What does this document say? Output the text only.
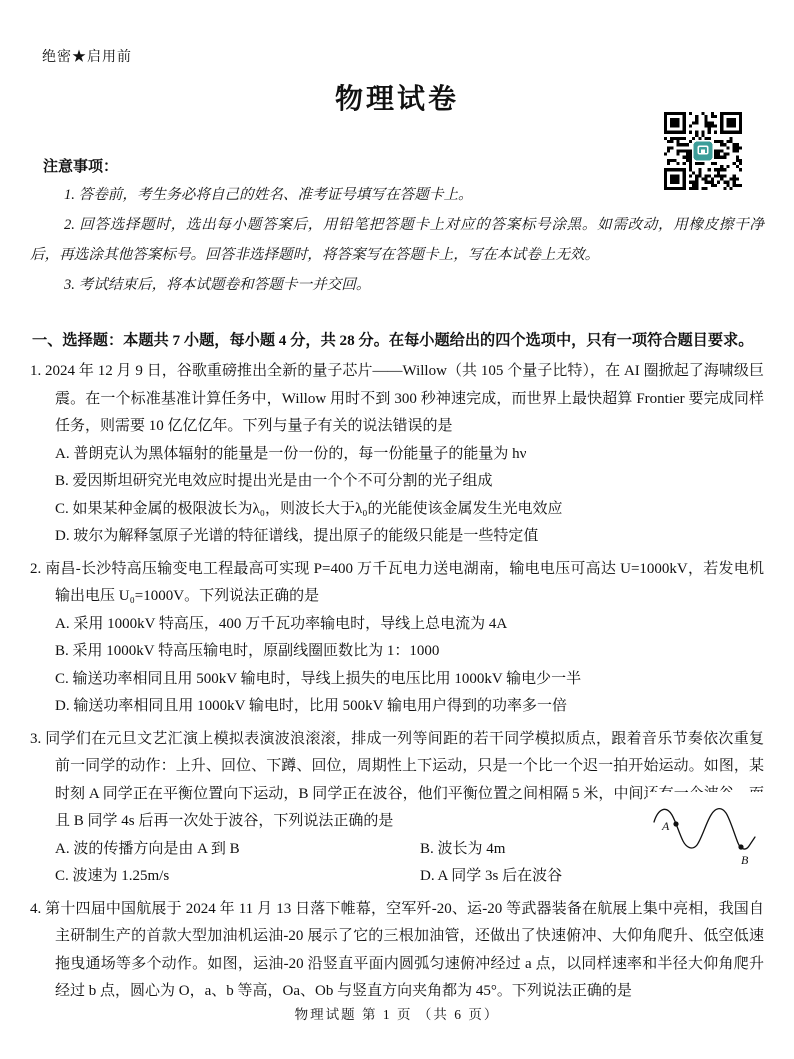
绝密★启用前
物理试卷
注意事项：

1. 答卷前，考生务必将自己的姓名、准考证号填写在答题卡上。

2. 回答选择题时，选出每小题答案后，用铅笔把答题卡上对应的答案标号涂黑。如需改动，用橡皮擦干净后，再选涂其他答案标号。回答非选择题时，将答案写在答题卡上，写在本试卷上无效。

3. 考试结束后，将本试题卷和答题卡一并交回。

一、选择题：本题共 7 小题，每小题 4 分，共 28 分。在每小题给出的四个选项中，只有一项符合题目要求。

1. 2024 年 12 月 9 日，谷歌重磅推出全新的量子芯片——Willow（共 105 个量子比特），在 AI 圈掀起了海啸级巨震。在一个标准基准计算任务中，Willow 用时不到 300 秒神速完成，而世界上最快超算 Frontier 要完成同样任务，则需要 10 亿亿亿年。下列与量子有关的说法错误的是

A. 普朗克认为黑体辐射的能量是一份一份的，每一份能量子的能量为 hν

B. 爱因斯坦研究光电效应时提出光是由一个个不可分割的光子组成

C. 如果某种金属的极限波长为λ₀，则波长大于λ₀的光能使该金属发生光电效应

D. 玻尔为解释氢原子光谱的特征谱线，提出原子的能级只能是一些特定值

2. 南昌-长沙特高压输变电工程最高可实现 P=400 万千瓦电力送电湖南，输电电压可高达 U=1000kV，若发电机输出电压 U₀=1000V。下列说法正确的是

A. 采用 1000kV 特高压，400 万千瓦功率输电时，导线上总电流为 4A

B. 采用 1000kV 特高压输电时，原副线圈匝数比为 1：1000

C. 输送功率相同且用 500kV 输电时，导线上损失的电压比用 1000kV 输电少一半

D. 输送功率相同且用 1000kV 输电时，比用 500kV 输电用户得到的功率多一倍

3. 同学们在元旦文艺汇演上模拟表演波浪滚滚，排成一列等间距的若干同学模拟质点，跟着音乐节奏依次重复前一同学的动作：上升、回位、下蹲、回位，周期性上下运动，只是一个比一个迟一拍开始运动。如图，某时刻 A 同学正在平衡位置向下运动，B 同学正在波谷，他们平衡位置之间相隔 5 米，中间还有一个波谷，而且 B 同学 4s 后再一次处于波谷，下列说法正确的是

A. 波的传播方向是由 A 到 B	B. 波长为 4m

C. 波速为 1.25m/s	D. A 同学 3s 后在波谷

4. 第十四届中国航展于 2024 年 11 月 13 日落下帷幕，空军歼-20、运-20 等武器装备在航展上集中亮相，我国自主研制生产的首款大型加油机运油-20 展示了它的三根加油管，还做出了快速俯冲、大仰角爬升、低空低速拖曳通场等多个动作。如图，运油-20 沿竖直平面内圆弧匀速俯冲经过 a 点，以同样速率和半径大仰角爬升经过 b 点，圆心为 O，a、b 等高，Oa、Ob 与竖直方向夹角都为 45°。下列说法正确的是

A
B
物理试题 第 1 页 （共 6 页）
